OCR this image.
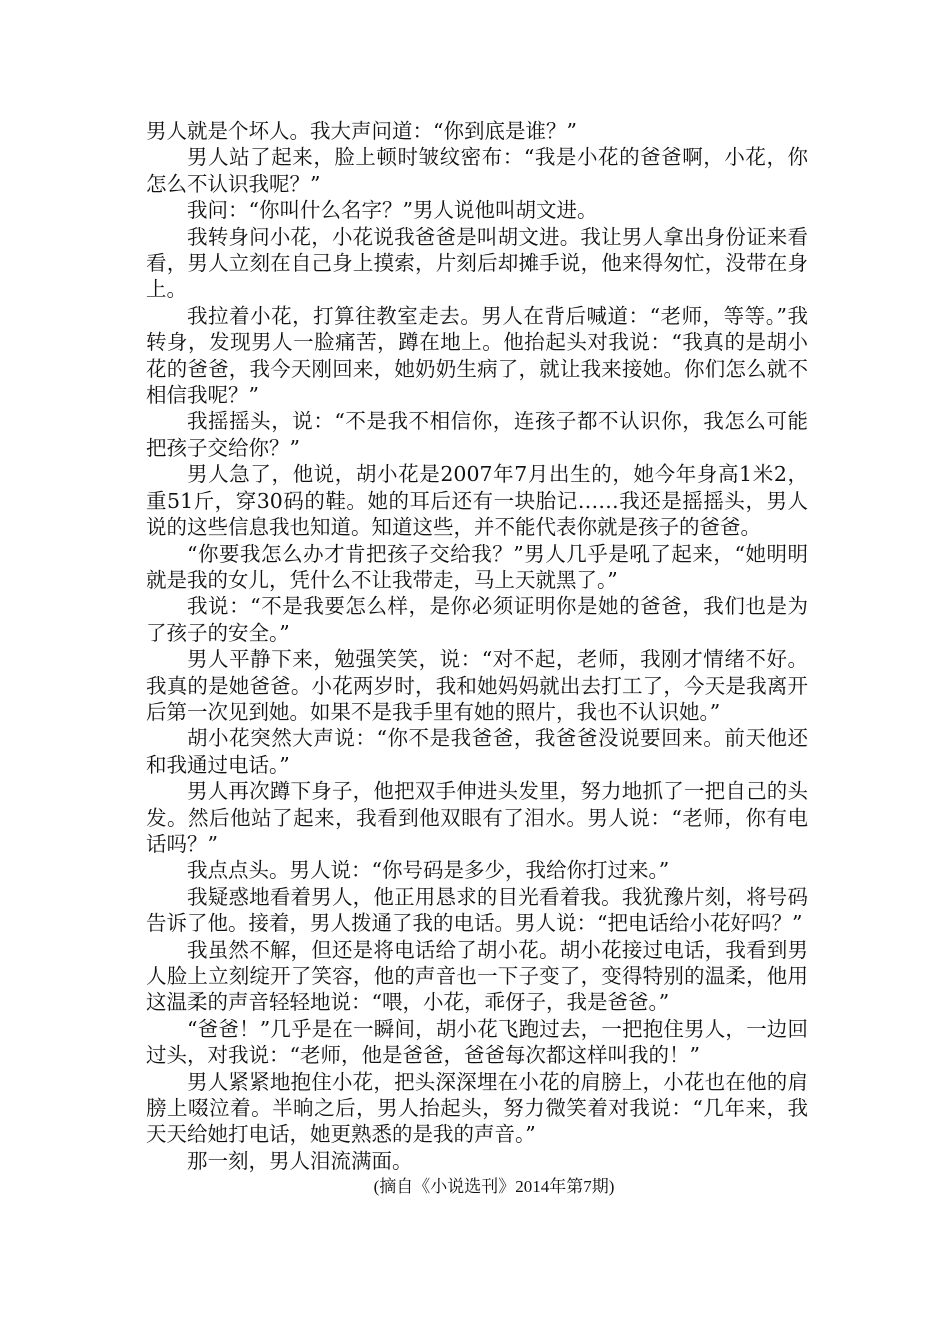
男人就是个坏人。我大声问道：“你到底是谁？”

男人站了起来，脸上顿时皱纹密布：“我是小花的爸爸啊，小花，你怎么不认识我呢？”

我问：“你叫什么名字？”男人说他叫胡文进。

我转身问小花，小花说我爸爸是叫胡文进。我让男人拿出身份证来看看，男人立刻在自己身上摸索，片刻后却摊手说，他来得匆忙，没带在身上。

我拉着小花，打算往教室走去。男人在背后喊道：“老师，等等。”我转身，发现男人一脸痛苦，蹲在地上。他抬起头对我说：“我真的是胡小花的爸爸，我今天刚回来，她奶奶生病了，就让我来接她。你们怎么就不相信我呢？”

我摇摇头，说：“不是我不相信你，连孩子都不认识你，我怎么可能把孩子交给你？”

男人急了，他说，胡小花是2007年7月出生的，她今年身高1米2，重51斤，穿30码的鞋。她的耳后还有一块胎记……我还是摇摇头，男人说的这些信息我也知道。知道这些，并不能代表你就是孩子的爸爸。

“你要我怎么办才肯把孩子交给我？”男人几乎是吼了起来，“她明明就是我的女儿，凭什么不让我带走，马上天就黑了。”

我说：“不是我要怎么样，是你必须证明你是她的爸爸，我们也是为了孩子的安全。”

男人平静下来，勉强笑笑，说：“对不起，老师，我刚才情绪不好。我真的是她爸爸。小花两岁时，我和她妈妈就出去打工了，今天是我离开后第一次见到她。如果不是我手里有她的照片，我也不认识她。”

胡小花突然大声说：“你不是我爸爸，我爸爸没说要回来。前天他还和我通过电话。”

男人再次蹲下身子，他把双手伸进头发里，努力地抓了一把自己的头发。然后他站了起来，我看到他双眼有了泪水。男人说：“老师，你有电话吗？”

我点点头。男人说：“你号码是多少，我给你打过来。”

我疑惑地看着男人，他正用恳求的目光看着我。我犹豫片刻，将号码告诉了他。接着，男人拨通了我的电话。男人说：“把电话给小花好吗？”

我虽然不解，但还是将电话给了胡小花。胡小花接过电话，我看到男人脸上立刻绽开了笑容，他的声音也一下子变了，变得特别的温柔，他用这温柔的声音轻轻地说：“喂，小花，乖伢子，我是爸爸。”

“爸爸！”几乎是在一瞬间，胡小花飞跑过去，一把抱住男人，一边回过头，对我说：“老师，他是爸爸，爸爸每次都这样叫我的！”

男人紧紧地抱住小花，把头深深埋在小花的肩膀上，小花也在他的肩膀上啜泣着。半晌之后，男人抬起头，努力微笑着对我说：“几年来，我天天给她打电话，她更熟悉的是我的声音。”

那一刻，男人泪流满面。

(摘自《小说选刊》2014年第7期)
